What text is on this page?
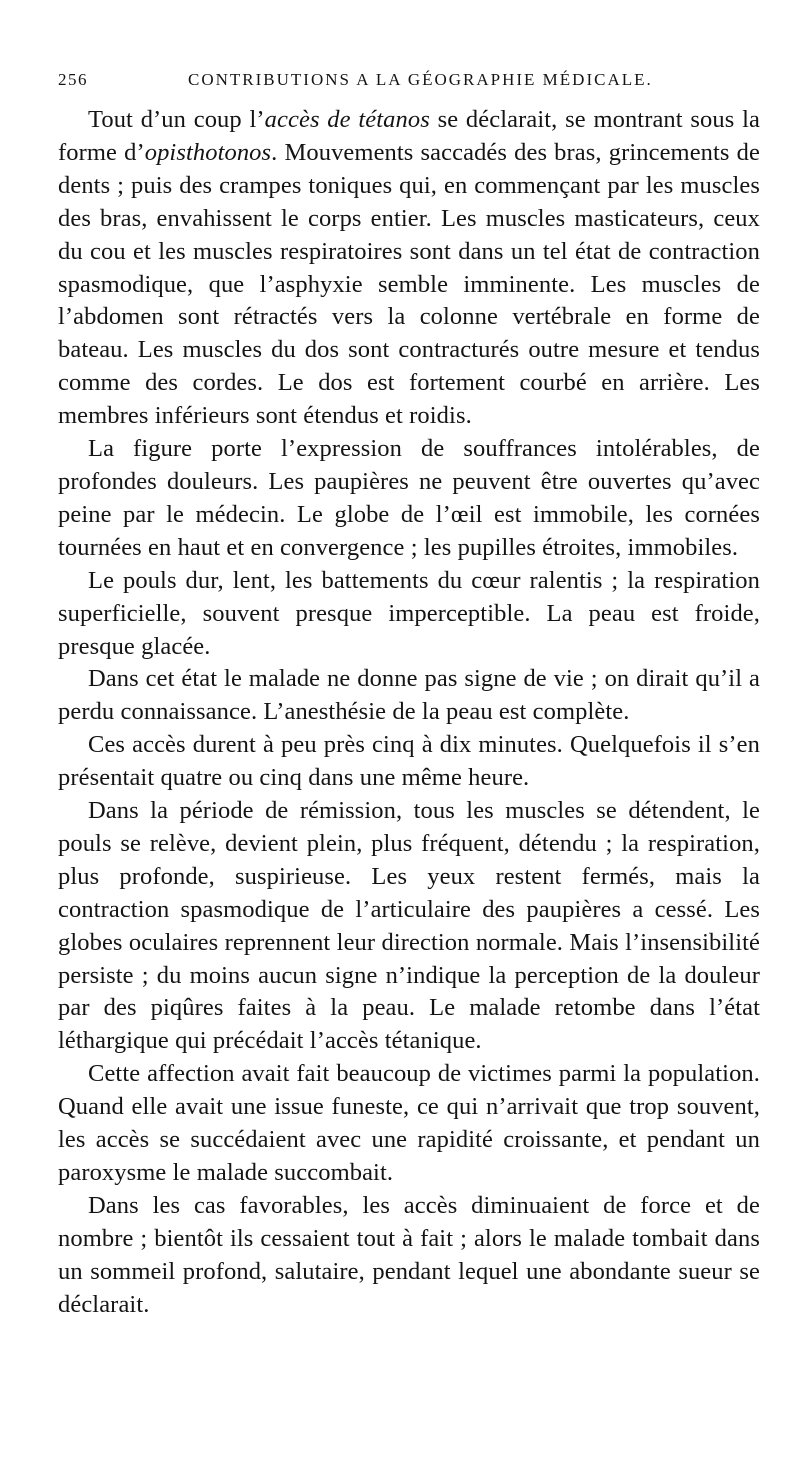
256	CONTRIBUTIONS A LA GÉOGRAPHIE MÉDICALE.

Tout d’un coup l’accès de tétanos se déclarait, se montrant sous la forme d’opisthotonos. Mouvements saccadés des bras, grincements de dents ; puis des crampes toniques qui, en commençant par les muscles des bras, envahissent le corps entier. Les muscles masticateurs, ceux du cou et les muscles respiratoires sont dans un tel état de contraction spasmodique, que l’asphyxie semble imminente. Les muscles de l’abdomen sont rétractés vers la colonne vertébrale en forme de bateau. Les muscles du dos sont contracturés outre mesure et tendus comme des cordes. Le dos est fortement courbé en arrière. Les membres inférieurs sont étendus et roidis.

La figure porte l’expression de souffrances intolérables, de profondes douleurs. Les paupières ne peuvent être ouvertes qu’avec peine par le médecin. Le globe de l’œil est immobile, les cornées tournées en haut et en convergence ; les pupilles étroites, immobiles.

Le pouls dur, lent, les battements du cœur ralentis ; la respiration superficielle, souvent presque imperceptible. La peau est froide, presque glacée.

Dans cet état le malade ne donne pas signe de vie ; on dirait qu’il a perdu connaissance. L’anesthésie de la peau est complète.

Ces accès durent à peu près cinq à dix minutes. Quelquefois il s’en présentait quatre ou cinq dans une même heure.

Dans la période de rémission, tous les muscles se détendent, le pouls se relève, devient plein, plus fréquent, détendu ; la respiration, plus profonde, suspirieuse. Les yeux restent fermés, mais la contraction spasmodique de l’articulaire des paupières a cessé. Les globes oculaires reprennent leur direction normale. Mais l’insensibilité persiste ; du moins aucun signe n’indique la perception de la douleur par des piqûres faites à la peau. Le malade retombe dans l’état léthargique qui précédait l’accès tétanique.

Cette affection avait fait beaucoup de victimes parmi la population. Quand elle avait une issue funeste, ce qui n’arrivait que trop souvent, les accès se succédaient avec une rapidité croissante, et pendant un paroxysme le malade succombait.

Dans les cas favorables, les accès diminuaient de force et de nombre ; bientôt ils cessaient tout à fait ; alors le malade tombait dans un sommeil profond, salutaire, pendant lequel une abondante sueur se déclarait.
